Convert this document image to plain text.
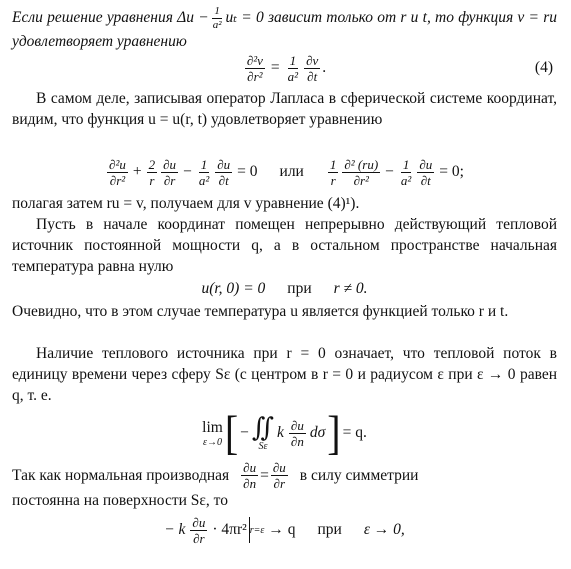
Если решение уравнения $\Delta u - \frac{1}{\text{a²}}$ uₜ = 0 зависит только от r и t, то функция v = ru удовлетворяет уравнению
$\frac{\text{∂²v}}{\text{∂r²}} = \frac{1}{\text{a²}} \frac{\partial v}{\partial t}$ .	(4)
В самом деле, записывая оператор Лапласа в сферической системе координат, видим, что функция u = u(r, t) удовлетворяет уравнению
$\frac{\text{∂²u}}{\text{∂r²}} + \frac{2}{r} \frac{\partial u}{\partial r} - \frac{1}{\text{a²}} \frac{\partial u}{\partial t} = 0$ или $\frac{1}{r} \frac{\text{∂² (ru)}}{\text{∂r²}} - \frac{1}{\text{a²}} \frac{\partial u}{\partial t} = 0$;
полагая затем ru = v, получаем для v уравнение (4)¹).
Пусть в начале координат помещен непрерывно действующий тепловой источник постоянной мощности q, а в остальном пространстве начальная температура равна нулю
u(r, 0) = 0 при r ≠ 0.
Очевидно, что в этом случае температура u является функцией только r и t.
Наличие теплового источника при r = 0 означает, что тепловой поток в единицу времени через сферу Sε (с центром в r = 0 и радиусом ε при ε → 0 равен q, т. е.
lim
ε→0 [ − ∬
Sε
k $\frac{\partial u}{\partial n}$ dσ ] = q.
Так как нормальная производная $\frac{\partial u}{\partial n} = \frac{\partial u}{\partial r}$ в силу симметрии
постоянна на поверхности Sε, то
− k $\frac{\partial u}{\partial r} \cdot 4\pi r^2$ r=ε → q при ε → 0,
